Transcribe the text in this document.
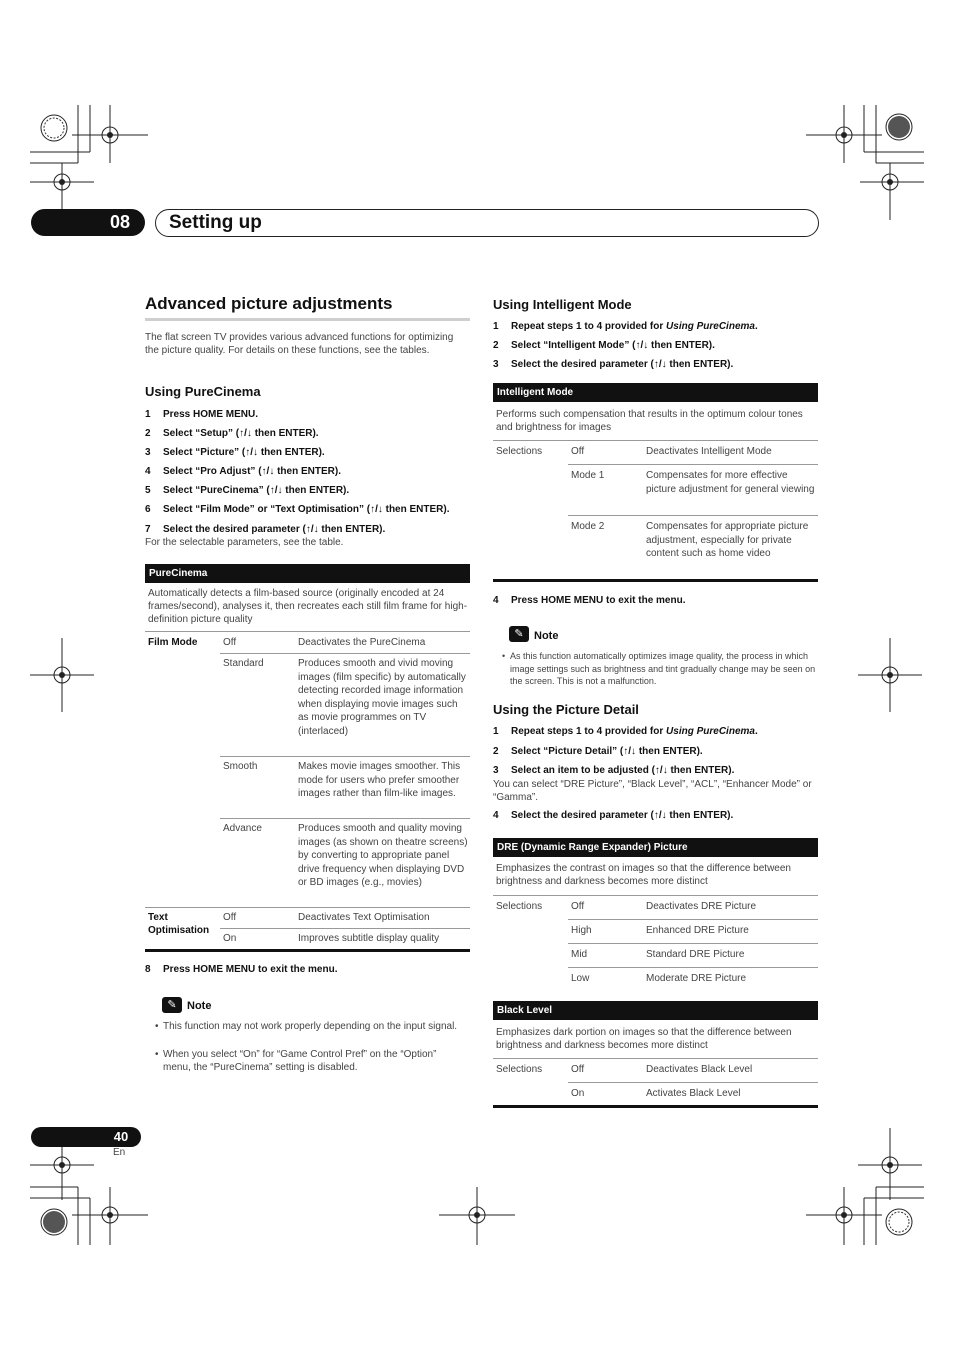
08	Setting up
Advanced picture adjustments
The flat screen TV provides various advanced functions for optimizing the picture quality. For details on these functions, see the tables.
Using PureCinema
1 Press HOME MENU.
2 Select “Setup” (↑/↓ then ENTER).
3 Select “Picture” (↑/↓ then ENTER).
4 Select “Pro Adjust” (↑/↓ then ENTER).
5 Select “PureCinema” (↑/↓ then ENTER).
6 Select “Film Mode” or “Text Optimisation” (↑/↓ then ENTER).
7 Select the desired parameter (↑/↓ then ENTER).
For the selectable parameters, see the table.
PureCinema
Automatically detects a film-based source (originally encoded at 24 frames/second), analyses it, then recreates each still film frame for high-definition picture quality
Film Mode	Off	Deactivates the PureCinema
Standard	Produces smooth and vivid moving images (film specific) by automatically detecting recorded image information when displaying movie images such as movie programmes on TV (interlaced)
Smooth	Makes movie images smoother. This mode for users who prefer smoother images rather than film-like images.
Advance	Produces smooth and quality moving images (as shown on theatre screens) by converting to appropriate panel drive frequency when displaying DVD or BD images (e.g., movies)
Text Optimisation
Off	Deactivates Text Optimisation
On	Improves subtitle display quality
8 Press HOME MENU to exit the menu.
✎ Note
• This function may not work properly depending on the input signal.
• When you select “On” for “Game Control Pref” on the “Option” menu, the “PureCinema” setting is disabled.
Using Intelligent Mode
1 Repeat steps 1 to 4 provided for Using PureCinema.
2 Select “Intelligent Mode” (↑/↓ then ENTER).
3 Select the desired parameter (↑/↓ then ENTER).
Intelligent Mode
Performs such compensation that results in the optimum colour tones and brightness for images
Selections	Off	Deactivates Intelligent Mode
Mode 1	Compensates for more effective picture adjustment for general viewing
Mode 2	Compensates for appropriate picture adjustment, especially for private content such as home video
4 Press HOME MENU to exit the menu.
✎ Note
• As this function automatically optimizes image quality, the process in which image settings such as brightness and tint gradually change may be seen on the screen. This is not a malfunction.
Using the Picture Detail
1 Repeat steps 1 to 4 provided for Using PureCinema.
2 Select “Picture Detail” (↑/↓ then ENTER).
3 Select an item to be adjusted (↑/↓ then ENTER).
You can select “DRE Picture”, “Black Level”, “ACL”, “Enhancer Mode” or “Gamma”.
4 Select the desired parameter (↑/↓ then ENTER).
DRE (Dynamic Range Expander) Picture
Emphasizes the contrast on images so that the difference between brightness and darkness becomes more distinct
Selections	Off	Deactivates DRE Picture
High	Enhanced DRE Picture
Mid	Standard DRE Picture
Low	Moderate DRE Picture
Black Level
Emphasizes dark portion on images so that the difference between brightness and darkness becomes more distinct
Selections	Off	Deactivates Black Level
On	Activates Black Level
40
En
